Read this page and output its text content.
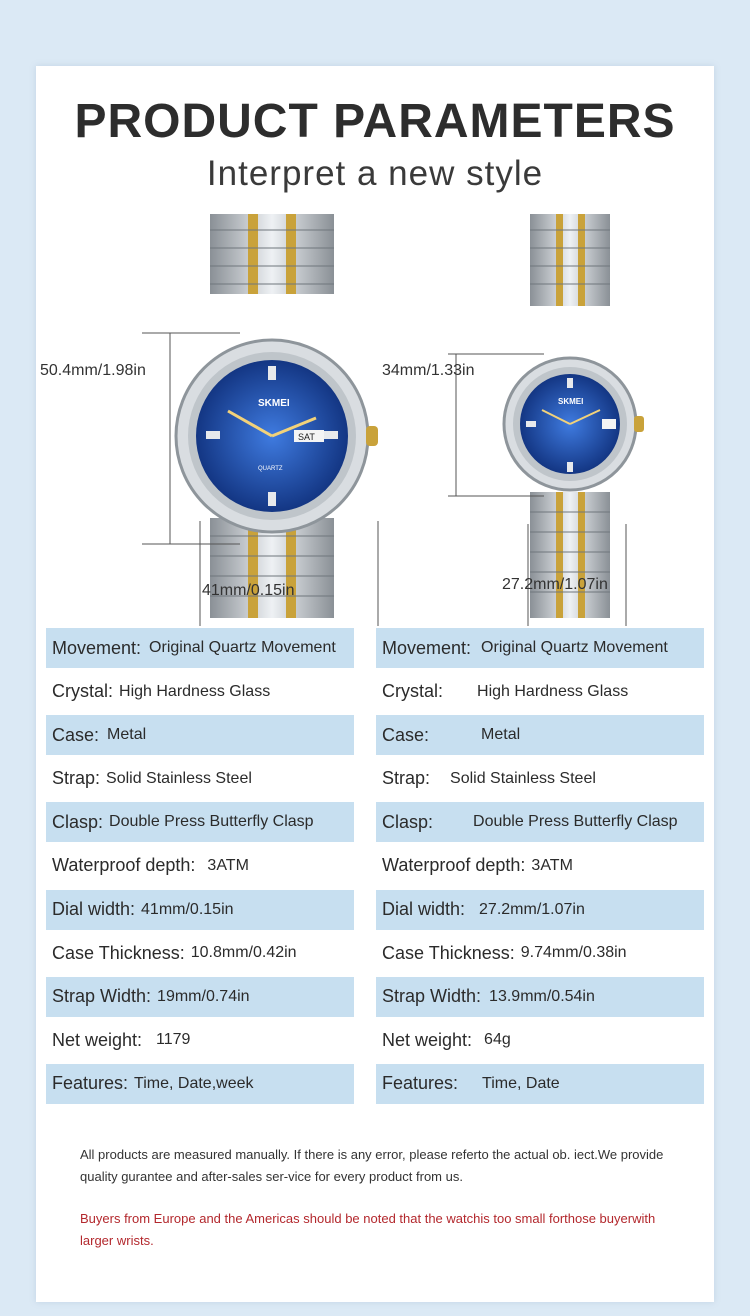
PRODUCT PARAMETERS
Interpret a new style
SAT
SKMEI
QUARTZ
50.4mm/1.98in
SKMEI
34mm/1.33in
41mm/0.15in	27.2mm/1.07in
Movement: Original Quartz Movement
Crystal: High Hardness Glass
Case: Metal
Strap: Solid Stainless Steel
Clasp: Double Press Butterfly Clasp
Waterproof depth: 3ATM
Dial width: 41mm/0.15in
Case Thickness: 10.8mm/0.42in
Strap Width: 19mm/0.74in
Net weight: 1179
Features: Time, Date,week
Movement: Original Quartz Movement
Crystal: High Hardness Glass
Case:	Metal
Strap: Solid Stainless Steel
Clasp:	Double Press Butterfly Clasp
Waterproof depth: 3ATM
Dial width: 27.2mm/1.07in
Case Thickness: 9.74mm/0.38in
Strap Width: 13.9mm/0.54in
Net weight: 64g
Features: Time, Date
All products are measured manually. If there is any error, please referto the actual ob. iect.We provide quality gurantee and after-sales ser-vice for every product from us.
Buyers from Europe and the Americas should be noted that the watchis too small forthose buyerwith larger wrists.
